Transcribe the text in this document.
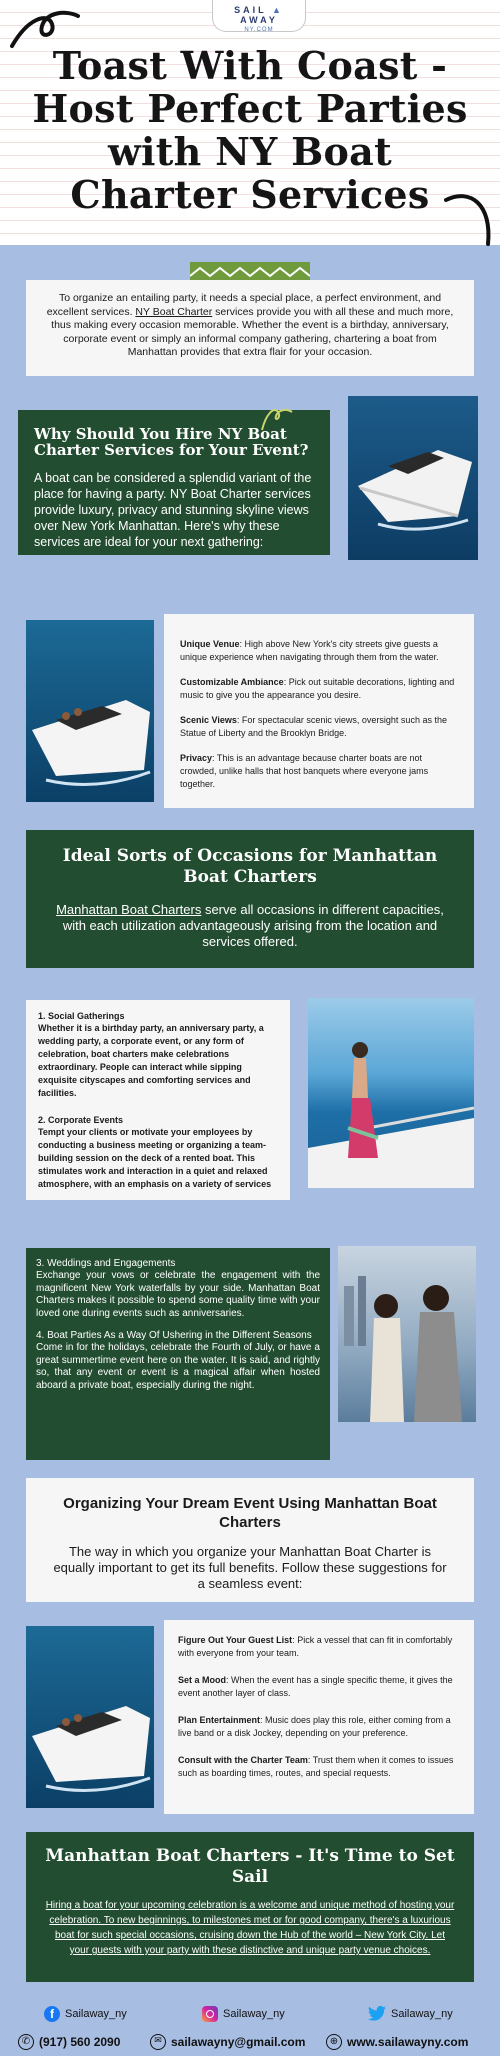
SAIL ▲ AWAY
NY.COM
Toast With Coast - Host Perfect Parties with NY Boat Charter Services

To organize an entailing party, it needs a special place, a perfect environment, and excellent services. NY Boat Charter services provide you with all these and much more, thus making every occasion memorable. Whether the event is a birthday, anniversary, corporate event or simply an informal company gathering, chartering a boat from Manhattan provides that extra flair for your occasion.

Why Should You Hire NY Boat Charter Services for Your Event?

A boat can be considered a splendid variant of the place for having a party. NY Boat Charter services provide luxury, privacy and stunning skyline views over New York Manhattan. Here's why these services are ideal for your next gathering:

Unique Venue: High above New York's city streets give guests a unique experience when navigating through them from the water.

Customizable Ambiance: Pick out suitable decorations, lighting and music to give you the appearance you desire.

Scenic Views: For spectacular scenic views, oversight such as the Statue of Liberty and the Brooklyn Bridge.

Privacy: This is an advantage because charter boats are not crowded, unlike halls that host banquets where everyone jams together.

Ideal Sorts of Occasions for Manhattan Boat Charters

Manhattan Boat Charters serve all occasions in different capacities, with each utilization advantageously arising from the location and services offered.

1. Social Gatherings
Whether it is a birthday party, an anniversary party, a wedding party, a corporate event, or any form of celebration, boat charters make celebrations extraordinary. People can interact while sipping exquisite cityscapes and comforting services and facilities.
2. Corporate Events
Tempt your clients or motivate your employees by conducting a business meeting or organizing a team-building session on the deck of a rented boat. This stimulates work and interaction in a quiet and relaxed atmosphere, with an emphasis on a variety of services
3. Weddings and Engagements
Exchange your vows or celebrate the engagement with the magnificent New York waterfalls by your side. Manhattan Boat Charters makes it possible to spend some quality time with your loved one during events such as anniversaries.
4. Boat Parties As a Way Of Ushering in the Different Seasons
Come in for the holidays, celebrate the Fourth of July, or have a great summertime event here on the water. It is said, and rightly so, that any event or event is a magical affair when hosted aboard a private boat, especially during the night.
Organizing Your Dream Event Using Manhattan Boat Charters

The way in which you organize your Manhattan Boat Charter is equally important to get its full benefits. Follow these suggestions for a seamless event:

Figure Out Your Guest List: Pick a vessel that can fit in comfortably with everyone from your team.

Set a Mood: When the event has a single specific theme, it gives the event another layer of class.

Plan Entertainment: Music does play this role, either coming from a live band or a disk Jockey, depending on your preference.

Consult with the Charter Team: Trust them when it comes to issues such as boarding times, routes, and special requests.

Manhattan Boat Charters - It's Time to Set Sail

Hiring a boat for your upcoming celebration is a welcome and unique method of hosting your celebration. To new beginnings, to milestones met or for good company, there's a luxurious boat for such special occasions, cruising down the Hub of the world – New York City. Let your guests with your party with these distinctive and unique party venue choices.

f	Sailaway_ny	Sailaway_ny	Sailaway_ny
✆ (917) 560 2090	✉ sailawayny@gmail.com	⊕ www.sailawayny.com
